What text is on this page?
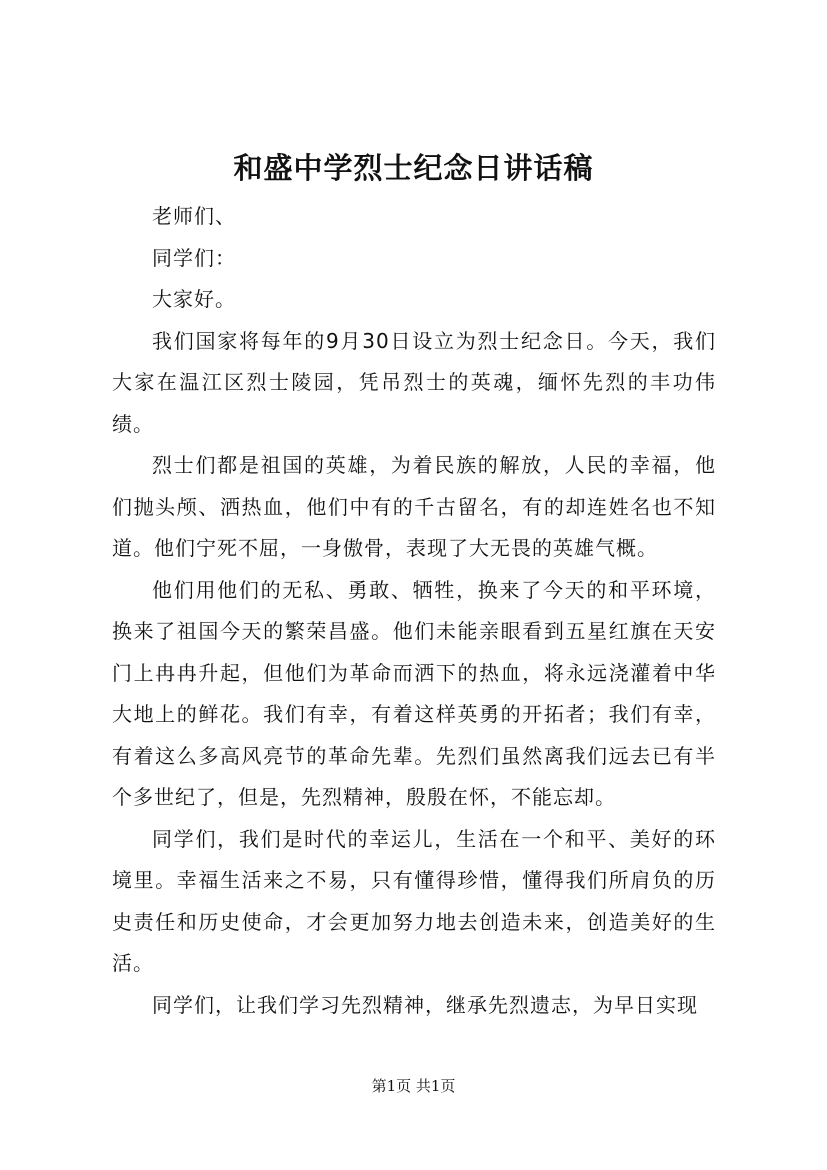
和盛中学烈士纪念日讲话稿

老师们、

同学们：

大家好。

我们国家将每年的9月30日设立为烈士纪念日。今天，我们大家在温江区烈士陵园，凭吊烈士的英魂，缅怀先烈的丰功伟绩。

烈士们都是祖国的英雄，为着民族的解放，人民的幸福，他们抛头颅、洒热血，他们中有的千古留名，有的却连姓名也不知道。他们宁死不屈，一身傲骨，表现了大无畏的英雄气概。

他们用他们的无私、勇敢、牺牲，换来了今天的和平环境，换来了祖国今天的繁荣昌盛。他们未能亲眼看到五星红旗在天安门上冉冉升起，但他们为革命而洒下的热血，将永远浇灌着中华大地上的鲜花。我们有幸，有着这样英勇的开拓者；我们有幸，有着这么多高风亮节的革命先辈。先烈们虽然离我们远去已有半个多世纪了，但是，先烈精神，殷殷在怀，不能忘却。

同学们，我们是时代的幸运儿，生活在一个和平、美好的环境里。幸福生活来之不易，只有懂得珍惜，懂得我们所肩负的历史责任和历史使命，才会更加努力地去创造未来，创造美好的生活。

同学们，让我们学习先烈精神，继承先烈遗志，为早日实现

第1页 共1页
